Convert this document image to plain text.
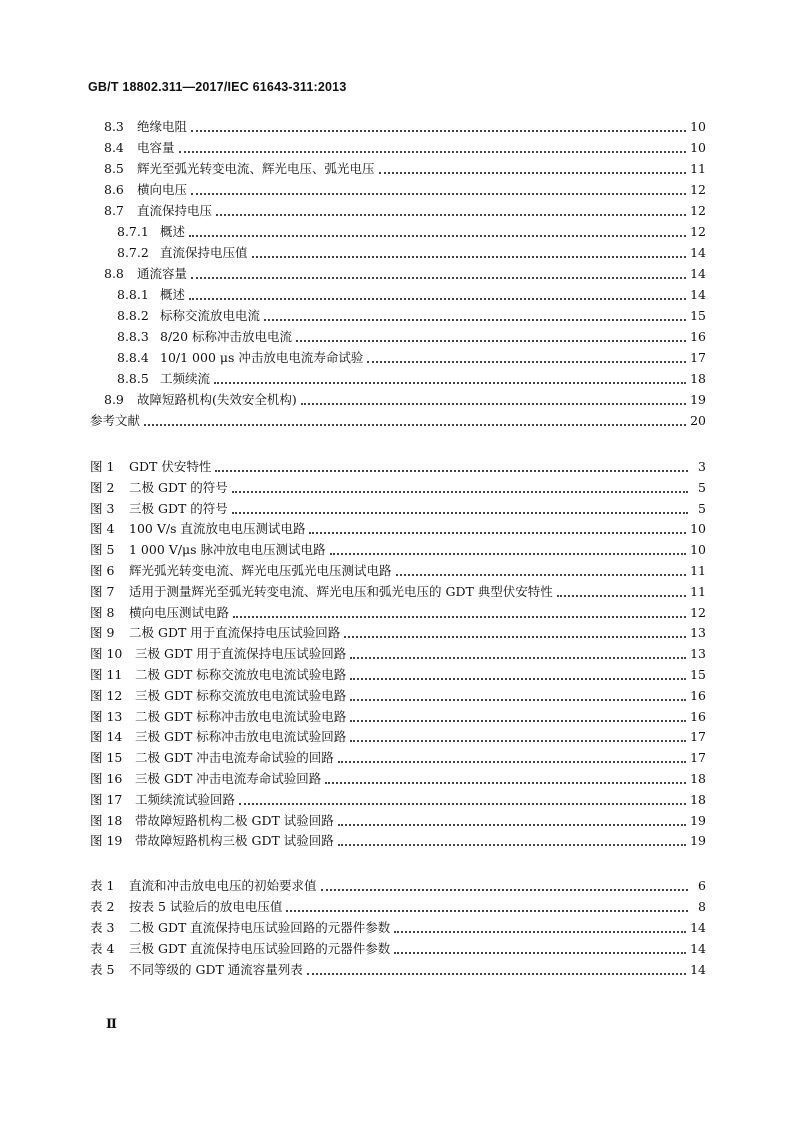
GB/T 18802.311—2017/IEC 61643-311:2013
8.3	绝缘电阻	10
8.4	电容量	10
8.5	辉光至弧光转变电流、辉光电压、弧光电压	11
8.6	横向电压	12
8.7	直流保持电压	12
8.7.1 概述	12
8.7.2 直流保持电压值	14
8.8	通流容量	14
8.8.1 概述	14
8.8.2 标称交流放电电流	15
8.8.3 8/20 标称冲击放电电流	16
8.8.4 10/1 000 μs 冲击放电电流寿命试验	17
8.8.5 工频续流	18
8.9	故障短路机构(失效安全机构)	19
参考文献	20
图 1	GDT 伏安特性	3
图 2	二极 GDT 的符号	5
图 3	三极 GDT 的符号	5
图 4	100 V/s 直流放电电压测试电路	10
图 5	1 000 V/μs 脉冲放电电压测试电路	10
图 6	辉光弧光转变电流、辉光电压弧光电压测试电路	11
图 7	适用于测量辉光至弧光转变电流、辉光电压和弧光电压的 GDT 典型伏安特性	11
图 8	横向电压测试电路	12
图 9	二极 GDT 用于直流保持电压试验回路	13
图 10	三极 GDT 用于直流保持电压试验回路	13
图 11	二极 GDT 标称交流放电电流试验电路	15
图 12	三极 GDT 标称交流放电电流试验电路	16
图 13	二极 GDT 标称冲击放电电流试验电路	16
图 14	三极 GDT 标称冲击放电电流试验回路	17
图 15	二极 GDT 冲击电流寿命试验的回路	17
图 16	三极 GDT 冲击电流寿命试验回路	18
图 17	工频续流试验回路	18
图 18	带故障短路机构二极 GDT 试验回路	19
图 19	带故障短路机构三极 GDT 试验回路	19
表 1	直流和冲击放电电压的初始要求值	6
表 2	按表 5 试验后的放电电压值	8
表 3	二极 GDT 直流保持电压试验回路的元器件参数	14
表 4	三极 GDT 直流保持电压试验回路的元器件参数	14
表 5	不同等级的 GDT 通流容量列表	14
Ⅱ
